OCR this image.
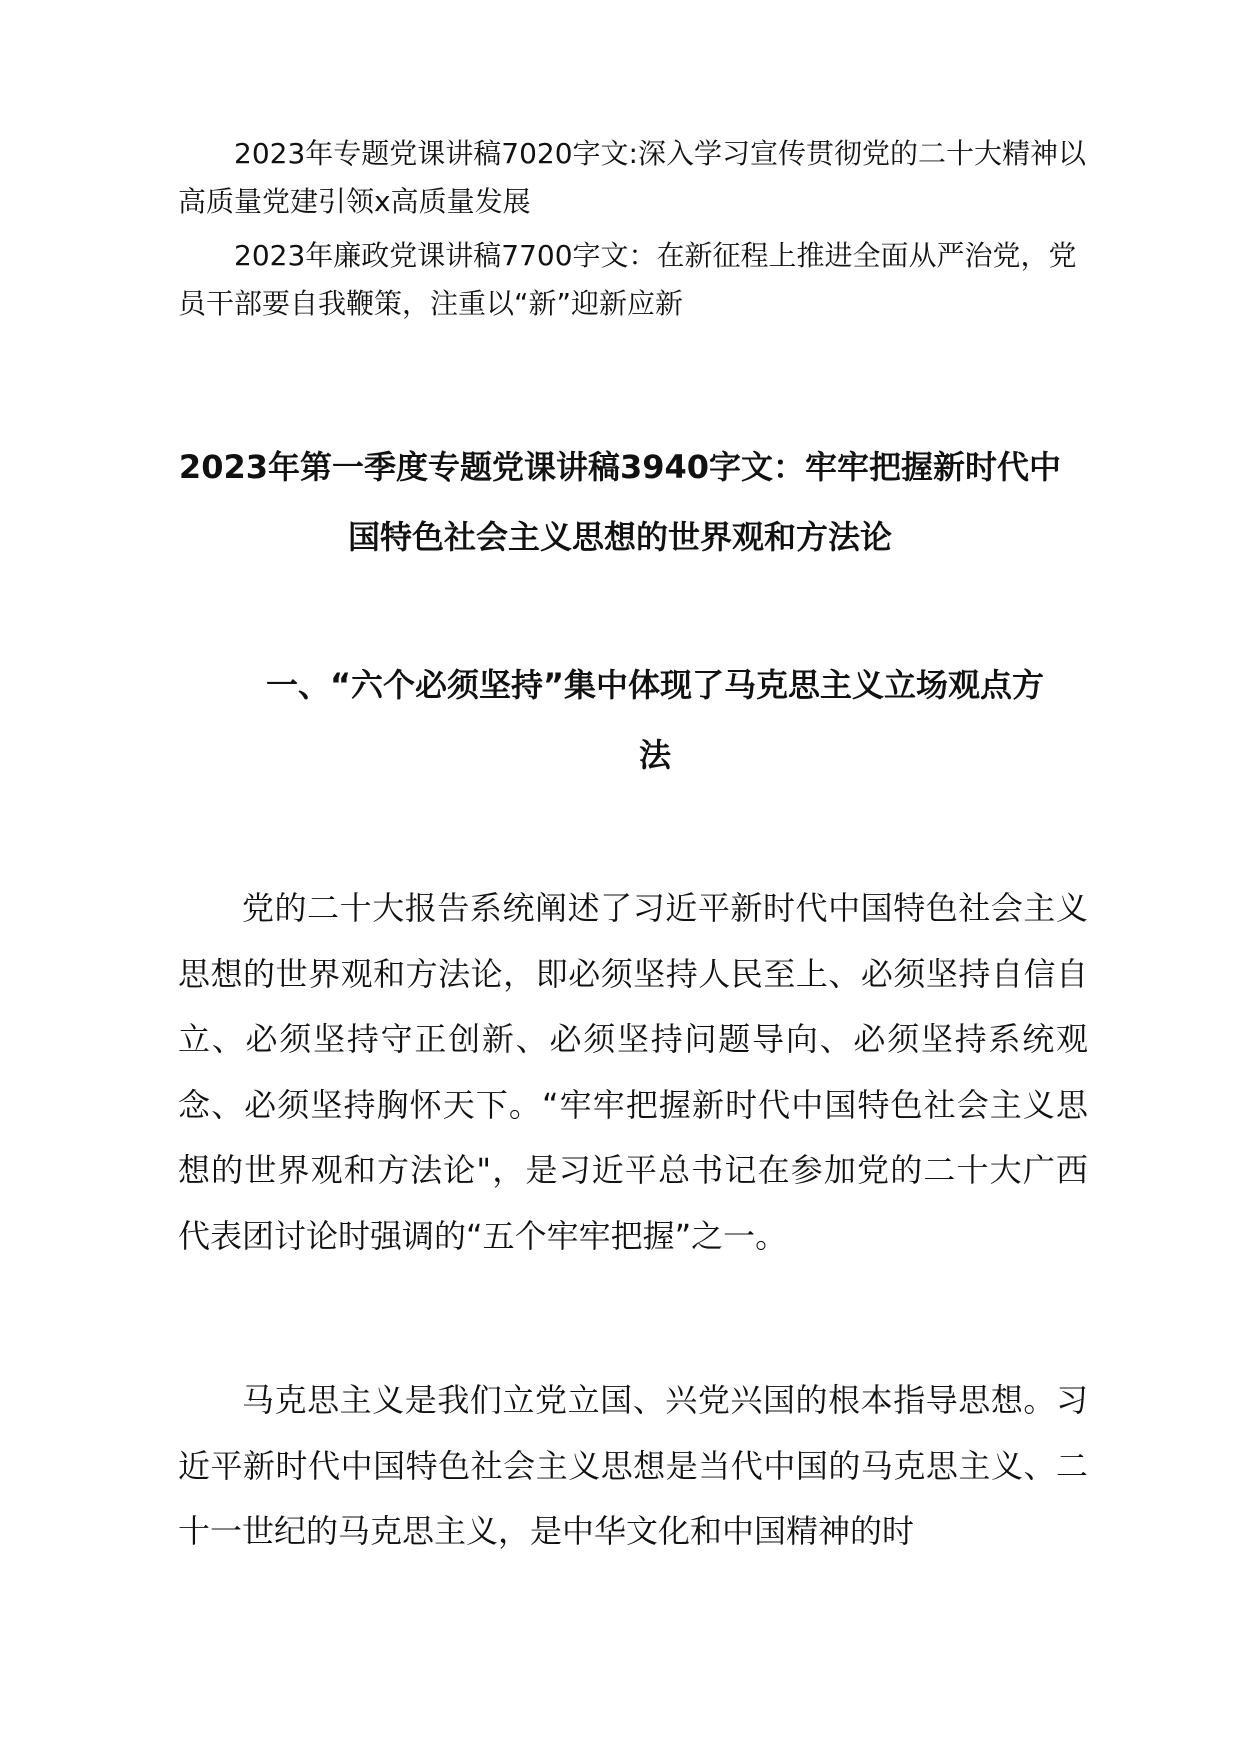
2023年专题党课讲稿7020字文:深入学习宣传贯彻党的二十大精神以高质量党建引领x高质量发展

2023年廉政党课讲稿7700字文：在新征程上推进全面从严治党，党员干部要自我鞭策，注重以“新”迎新应新

2023年第一季度专题党课讲稿3940字文：牢牢把握新时代中国特色社会主义思想的世界观和方法论
一、“六个必须坚持”集中体现了马克思主义立场观点方法

党的二十大报告系统阐述了习近平新时代中国特色社会主义思想的世界观和方法论，即必须坚持人民至上、必须坚持自信自立、必须坚持守正创新、必须坚持问题导向、必须坚持系统观念、必须坚持胸怀天下。“牢牢把握新时代中国特色社会主义思想的世界观和方法论"，是习近平总书记在参加党的二十大广西代表团讨论时强调的“五个牢牢把握”之一。

马克思主义是我们立党立国、兴党兴国的根本指导思想。习近平新时代中国特色社会主义思想是当代中国的马克思主义、二十一世纪的马克思主义，是中华文化和中国精神的时
